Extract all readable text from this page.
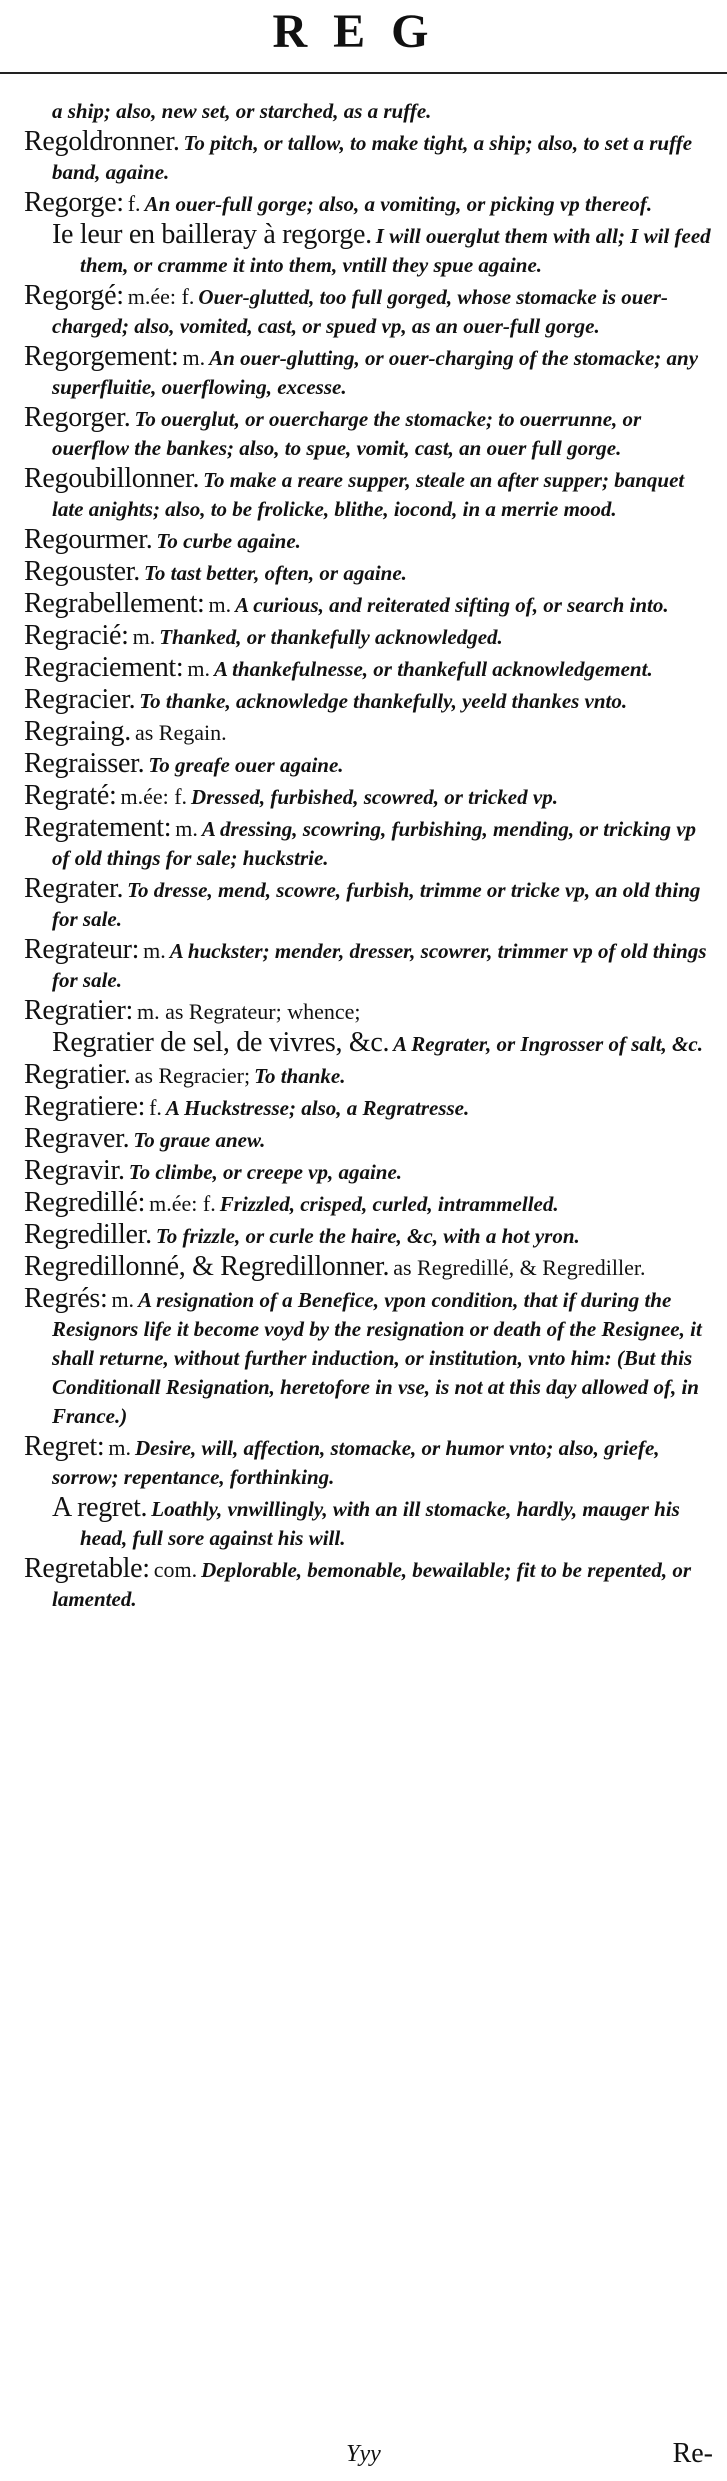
REG
a ship; also, new set, or starched, as a ruffe.
Regoldronner. To pitch, or tallow, to make tight, a ship; also, to set a ruffe band, againe.
Regorge: f. An ouer-full gorge; also, a vomiting, or picking vp thereof.
Ie leur en bailleray à regorge. I will ouerglut them with all; I wil feed them, or cramme it into them, vntill they spue againe.
Regorgé: m.ée: f. Ouer-glutted, too full gorged, whose stomacke is ouer-charged; also, vomited, cast, or spued vp, as an ouer-full gorge.
Regorgement: m. An ouer-glutting, or ouer-charging of the stomacke; any superfluitie, ouerflowing, excesse.
Regorger. To ouerglut, or ouercharge the stomacke; to ouerrunne, or ouerflow the bankes; also, to spue, vomit, cast, an ouer full gorge.
Regoubillonner. To make a reare supper, steale an after supper; banquet late anights; also, to be frolicke, blithe, iocond, in a merrie mood.
Regourmer. To curbe againe.
Regouster. To tast better, often, or againe.
Regrabellement: m. A curious, and reiterated sifting of, or search into.
Regracié: m. Thanked, or thankefully acknowledged.
Regraciement: m. A thankefulnesse, or thankefull acknowledgement.
Regracier. To thanke, acknowledge thankefully, yeeld thankes vnto.
Regraing. as Regain.
Regraisser. To greafe ouer againe.
Regraté: m.ée: f. Dressed, furbished, scowred, or tricked vp.
Regratement: m. A dressing, scowring, furbishing, mending, or tricking vp of old things for sale; huckstrie.
Regrater. To dresse, mend, scowre, furbish, trimme or tricke vp, an old thing for sale.
Regrateur: m. A huckster; mender, dresser, scowrer, trimmer vp of old things for sale.
Regratier: m. as Regrateur; whence;
Regratier de sel, de vivres, &c. A Regrater, or Ingrosser of salt, &c.
Regratier. as Regracier; To thanke.
Regratiere: f. A Huckstresse; also, a Regratresse.
Regraver. To graue anew.
Regravir. To climbe, or creepe vp, againe.
Regredillé: m.ée: f. Frizzled, crisped, curled, intrammelled.
Regrediller. To frizzle, or curle the haire, &c, with a hot yron.
Regredillonné, & Regredillonner. as Regredillé, & Regrediller.
Regrés: m. A resignation of a Benefice, vpon condition, that if during the Resignors life it become voyd by the resignation or death of the Resignee, it shall returne, without further induction, or institution, vnto him: (But this Conditionall Resignation, heretofore in vse, is not at this day allowed of, in France.)
Regret: m. Desire, will, affection, stomacke, or humor vnto; also, griefe, sorrow; repentance, forthinking.
A regret. Loathly, vnwillingly, with an ill stomacke, hardly, mauger his head, full sore against his will.
Regretable: com. Deplorable, bemonable, bewailable; fit to be repented, or lamented.
Yyy	Re-
